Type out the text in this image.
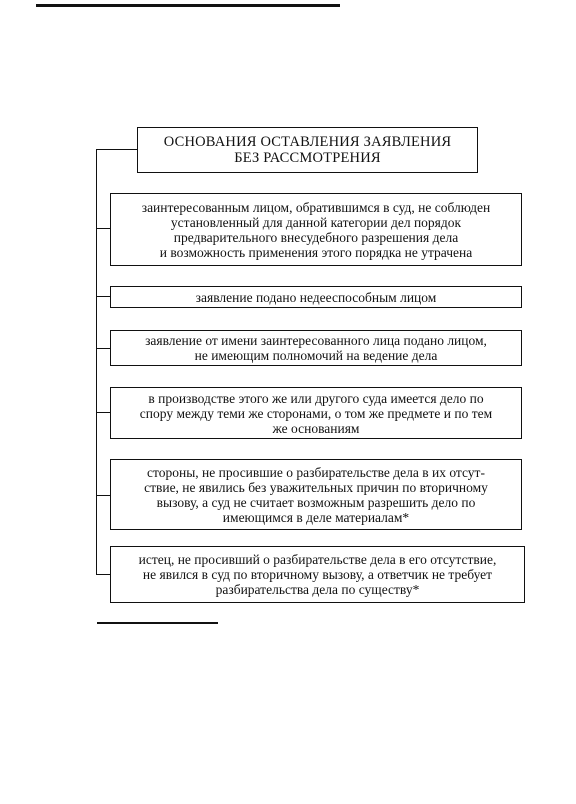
ОСНОВАНИЯ ОСТАВЛЕНИЯ ЗАЯВЛЕНИЯ
БЕЗ РАССМОТРЕНИЯ
заинтересованным лицом, обратившимся в суд, не соблюден
установленный для данной категории дел порядок
предварительного внесудебного разрешения дела
и возможность применения этого порядка не утрачена
заявление подано недееспособным лицом
заявление от имени заинтересованного лица подано лицом,
не имеющим полномочий на ведение дела
в производстве этого же или другого суда имеется дело по
спору между теми же сторонами, о том же предмете и по тем
же основаниям
стороны, не просившие о разбирательстве дела в их отсут-
ствие, не явились без уважительных причин по вторичному
вызову, а суд не считает возможным разрешить дело по
имеющимся в деле материалам*
истец, не просивший о разбирательстве дела в его отсутствие,
не явился в суд по вторичному вызову, а ответчик не требует
разбирательства дела по существу*
